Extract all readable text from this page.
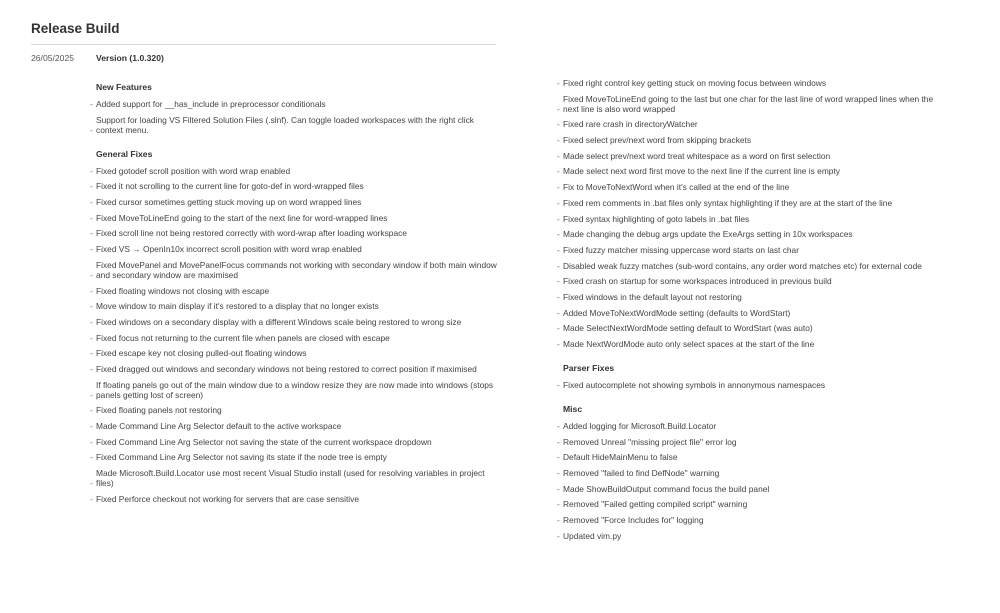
Release Build
26/05/2025	Version (1.0.320)
New Features
- Added support for __has_include in preprocessor conditionals
-
Support for loading VS Filtered Solution Files (.slnf). Can toggle loaded workspaces with the right click context menu.
General Fixes
- Fixed gotodef scroll position with word wrap enabled
- Fixed it not scrolling to the current line for goto-def in word-wrapped files
- Fixed cursor sometimes getting stuck moving up on word wrapped lines
- Fixed MoveToLineEnd going to the start of the next line for word-wrapped lines
- Fixed scroll line not being restored correctly with word-wrap after loading workspace
- Fixed VS → OpenIn10x incorrect scroll position with word wrap enabled
-
Fixed MovePanel and MovePanelFocus commands not working with secondary window if both main window and secondary window are maximised
- Fixed floating windows not closing with escape
- Move window to main display if it's restored to a display that no longer exists
- Fixed windows on a secondary display with a different Windows scale being restored to wrong size
- Fixed focus not returning to the current file when panels are closed with escape
- Fixed escape key not closing pulled-out floating windows
- Fixed dragged out windows and secondary windows not being restored to correct position if maximised
-
If floating panels go out of the main window due to a window resize they are now made into windows (stops panels getting lost of screen)
- Fixed floating panels not restoring
- Made Command Line Arg Selector default to the active workspace
- Fixed Command Line Arg Selector not saving the state of the current workspace dropdown
- Fixed Command Line Arg Selector not saving its state if the node tree is empty
-
Made Microsoft.Build.Locator use most recent Visual Studio install (used for resolving variables in project files)
- Fixed Perforce checkout not working for servers that are case sensitive
- Fixed right control key getting stuck on moving focus between windows
-
Fixed MoveToLineEnd going to the last but one char for the last line of word wrapped lines when the next line is also word wrapped
- Fixed rare crash in directoryWatcher
- Fixed select prev/next word from skipping brackets
- Made select prev/next word treat whitespace as a word on first selection
- Made select next word first move to the next line if the current line is empty
- Fix to MoveToNextWord when it's called at the end of the line
- Fixed rem comments in .bat files only syntax highlighting if they are at the start of the line
- Fixed syntax highlighting of goto labels in .bat files
- Made changing the debug args update the ExeArgs setting in 10x workspaces
- Fixed fuzzy matcher missing uppercase word starts on last char
- Disabled weak fuzzy matches (sub-word contains, any order word matches etc) for external code
- Fixed crash on startup for some workspaces introduced in previous build
- Fixed windows in the default layout not restoring
- Added MoveToNextWordMode setting (defaults to WordStart)
- Made SelectNextWordMode setting default to WordStart (was auto)
- Made NextWordMode auto only select spaces at the start of the line
Parser Fixes
- Fixed autocomplete not showing symbols in annonymous namespaces
Misc
- Added logging for Microsoft.Build.Locator
- Removed Unreal "missing project file" error log
- Default HideMainMenu to false
- Removed "failed to find DefNode" warning
- Made ShowBuildOutput command focus the build panel
- Removed "Failed getting compiled script" warning
- Removed "Force Includes for" logging
- Updated vim.py
